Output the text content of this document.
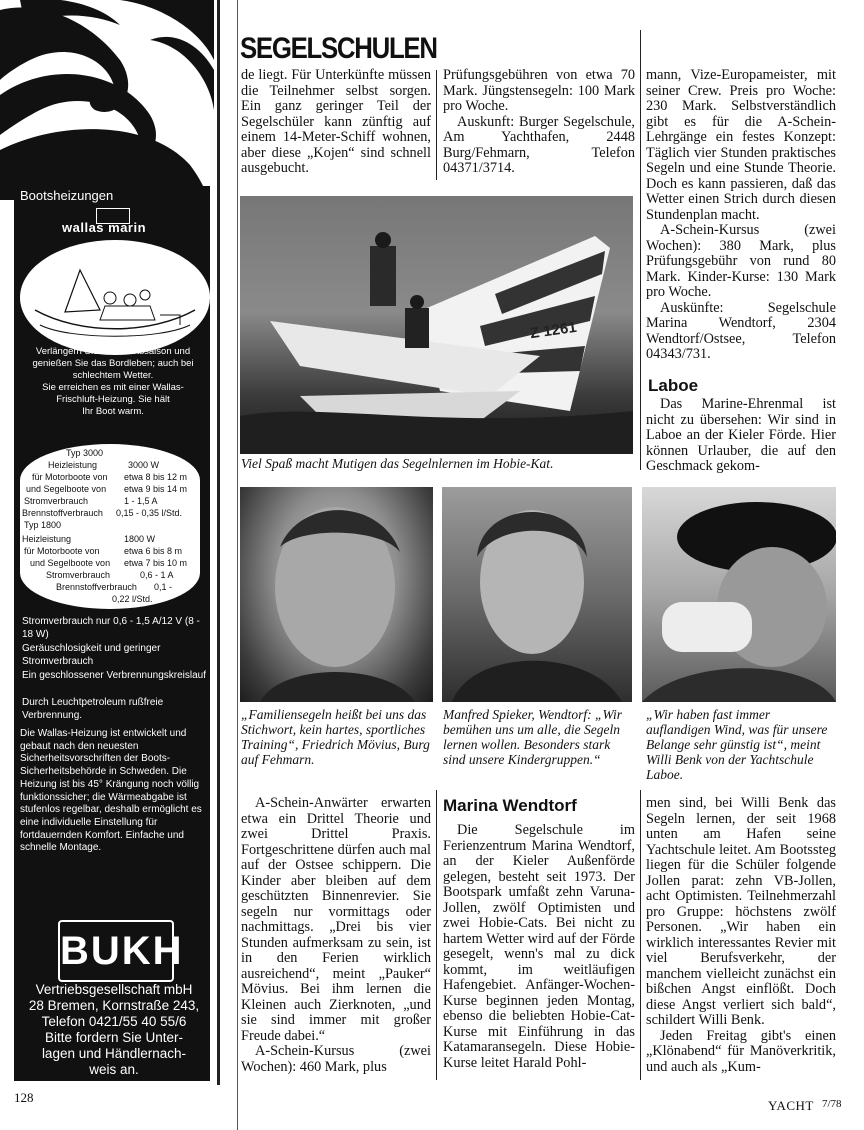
Bootsheizungen
wallas marin
Verlängern Sie Ihre Bootssaison und
genießen Sie das Bordleben; auch bei
schlechtem Wetter.
Sie erreichen es mit einer Wallas-
Frischluft-Heizung. Sie hält
Ihr Boot warm.
Typ 3000
Heizleistung	3000 W
für Motorboote von etwa 8 bis 12 m
und Segelboote von etwa 9 bis 14 m
Stromverbrauch	1 - 1,5 A
Brennstoffverbrauch 0,15 - 0,35 l/Std.
Typ 1800
Heizleistung	1800 W
für Motorboote von	etwa 6 bis 8 m
und Segelboote von etwa 7 bis 10 m
Stromverbrauch	0,6 - 1 A
Brennstoffverbrauch 0,1 -
0,22 l/Std.
Stromverbrauch nur 0,6 - 1,5 A/12 V (8 - 18 W)
Geräuschlosigkeit und geringer Stromverbrauch
Ein geschlossener Verbrennungskreislauf
Durch Leuchtpetroleum rußfreie Verbrennung.
Die Wallas-Heizung ist entwickelt und gebaut nach den neuesten Sicherheitsvorschriften der Boots-Sicherheitsbehörde in Schweden. Die Heizung ist bis 45° Krängung noch völlig funktionssicher; die Wärmeabgabe ist stufenlos regelbar, deshalb ermöglicht es eine individuelle Einstellung für fortdauernden Komfort. Einfache und schnelle Montage.
BUKH
Vertriebsgesellschaft mbH
28 Bremen, Kornstraße 243,
Telefon 0421/55 40 55/6
Bitte fordern Sie Unter-
lagen und Händlernach-
weis an.
SEGELSCHULEN

de liegt. Für Unterkünfte müssen die Teilnehmer selbst sorgen. Ein ganz geringer Teil der Segelschüler kann zünftig auf einem 14-Meter-Schiff wohnen, aber diese „Kojen“ sind schnell ausgebucht.

Prüfungsgebühren von etwa 70 Mark. Jüngstensegeln: 100 Mark pro Woche.

Auskunft: Burger Segelschule, Am Yachthafen, 2448 Burg/Fehmarn, Telefon 04371/3714.

mann, Vize-Europameister, mit seiner Crew. Preis pro Woche: 230 Mark. Selbstverständlich gibt es für die A-Schein-Lehrgänge ein festes Konzept: Täglich vier Stunden praktisches Segeln und eine Stunde Theorie. Doch es kann passieren, daß das Wetter einen Strich durch diesen Stundenplan macht.

A-Schein-Kursus (zwei Wochen): 380 Mark, plus Prüfungsgebühr von rund 80 Mark. Kinder-Kurse: 130 Mark pro Woche.

Auskünfte: Segelschule Marina Wendtorf, 2304 Wendtorf/Ostsee, Telefon 04343/731.

Laboe

Das Marine-Ehrenmal ist nicht zu übersehen: Wir sind in Laboe an der Kieler Förde. Hier können Urlauber, die auf den Geschmack gekom-

Z 1261
Viel Spaß macht Mutigen das Segelnlernen im Hobie-Kat.
„Familiensegeln heißt bei uns das Stichwort, kein hartes, sportliches Training“, Friedrich Mövius, Burg auf Fehmarn.
Manfred Spieker, Wendtorf: „Wir bemühen uns um alle, die Segeln lernen wollen. Besonders stark sind unsere Kindergruppen.“
„Wir haben fast immer auflandigen Wind, was für unsere Belange sehr günstig ist“, meint Willi Benk von der Yachtschule Laboe.

A-Schein-Anwärter erwarten etwa ein Drittel Theorie und zwei Drittel Praxis. Fortgeschrittene dürfen auch mal auf der Ostsee schippern. Die Kinder aber bleiben auf dem geschützten Binnenrevier. Sie segeln nur vormittags oder nachmittags. „Drei bis vier Stunden aufmerksam zu sein, ist in den Ferien wirklich ausreichend“, meint „Pauker“ Mövius. Bei ihm lernen die Kleinen auch Zierknoten, „und sie sind immer mit großer Freude dabei.“

A-Schein-Kursus (zwei Wochen): 460 Mark, plus

Marina Wendtorf

Die Segelschule im Ferienzentrum Marina Wendtorf, an der Kieler Außenförde gelegen, besteht seit 1973. Der Bootspark umfaßt zehn Varuna-Jollen, zwölf Optimisten und zwei Hobie-Cats. Bei nicht zu hartem Wetter wird auf der Förde gesegelt, wenn's mal zu dick kommt, im weitläufigen Hafengebiet. Anfänger-Wochen-Kurse beginnen jeden Montag, ebenso die beliebten Hobie-Cat-Kurse mit Einführung in das Katamaransegeln. Diese Hobie-Kurse leitet Harald Pohl-

men sind, bei Willi Benk das Segeln lernen, der seit 1968 unten am Hafen seine Yachtschule leitet. Am Bootssteg liegen für die Schüler folgende Jollen parat: zehn VB-Jollen, acht Optimisten. Teilnehmerzahl pro Gruppe: höchstens zwölf Personen. „Wir haben ein wirklich interessantes Revier mit viel Berufsverkehr, der manchem vielleicht zunächst ein bißchen Angst einflößt. Doch diese Angst verliert sich bald“, schildert Willi Benk.

Jeden Freitag gibt's einen „Klönabend“ für Manöverkritik, und auch als „Kum-

128
YACHT 7/78
